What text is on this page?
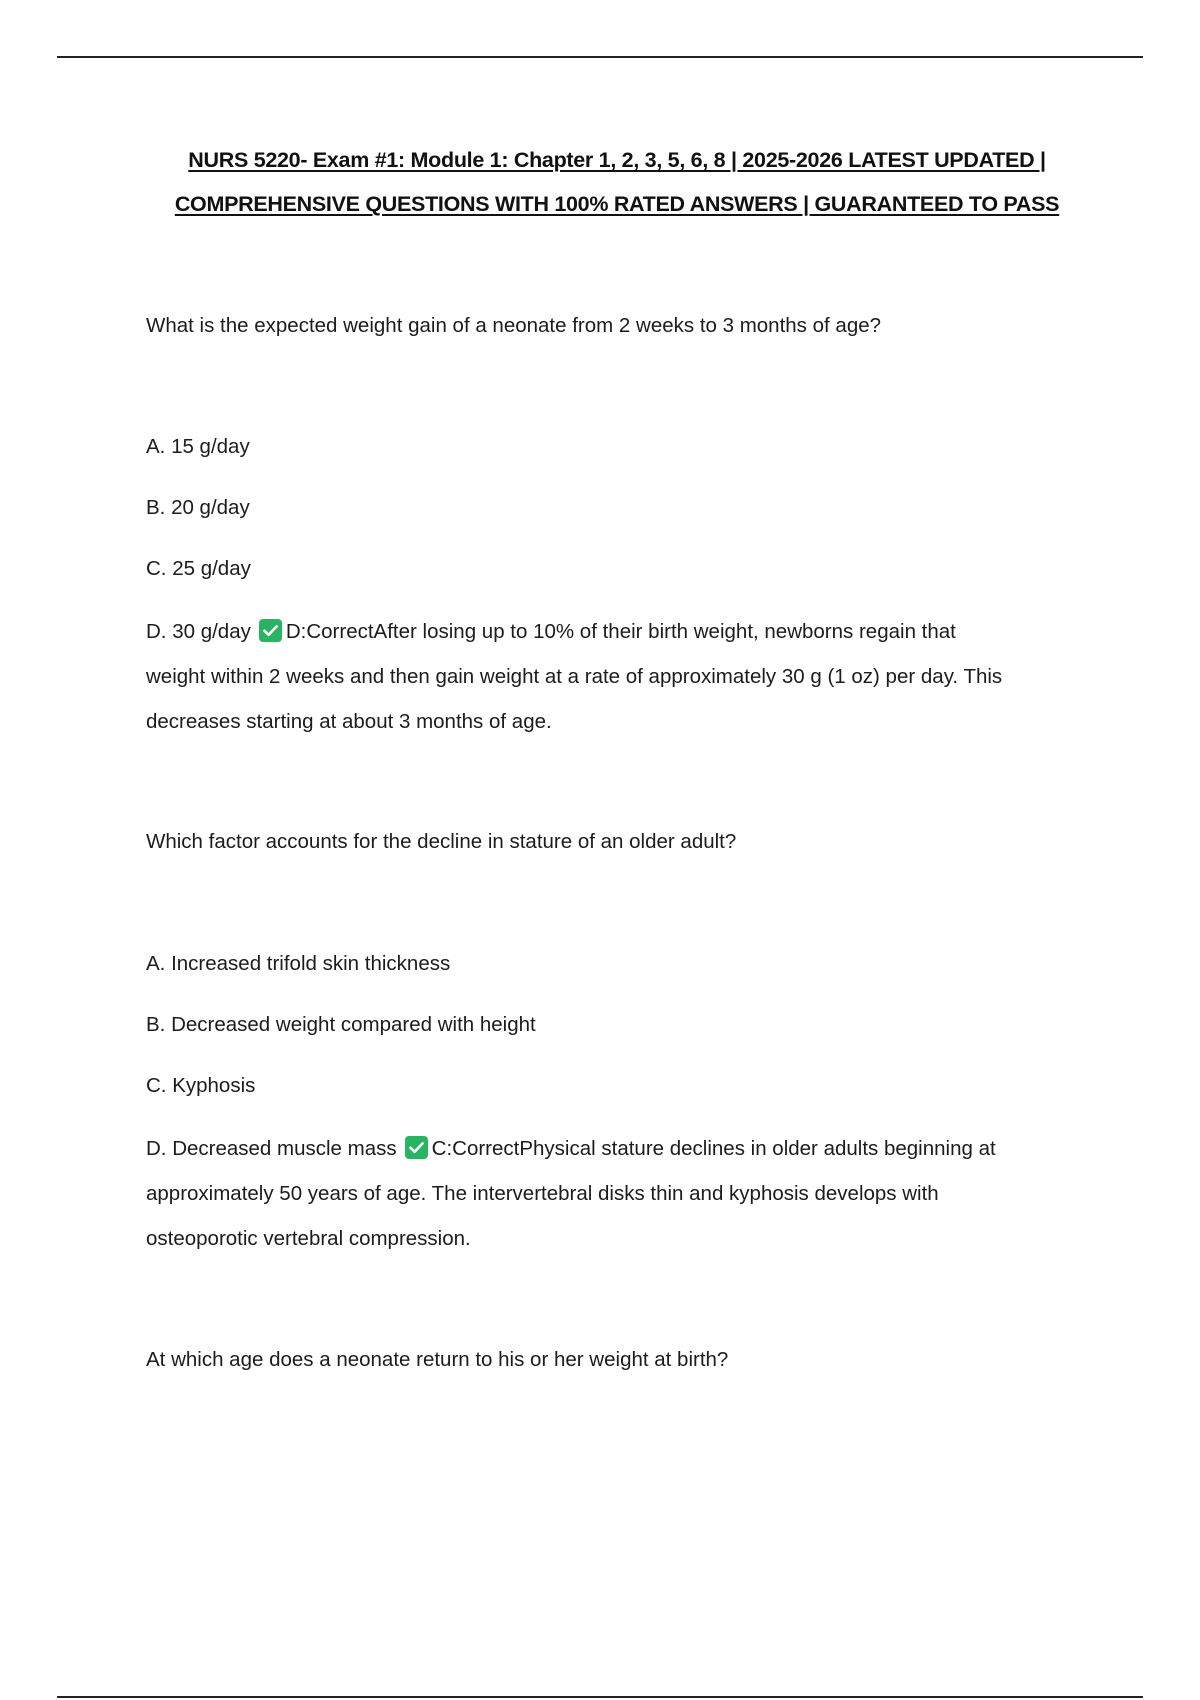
NURS 5220- Exam #1: Module 1: Chapter 1, 2, 3, 5, 6, 8 | 2025-2026 LATEST UPDATED |
COMPREHENSIVE QUESTIONS WITH 100% RATED ANSWERS | GUARANTEED TO PASS
What is the expected weight gain of a neonate from 2 weeks to 3 months of age?
A. 15 g/day
B. 20 g/day
C. 25 g/day
D. 30 g/day D:CorrectAfter losing up to 10% of their birth weight, newborns regain that
weight within 2 weeks and then gain weight at a rate of approximately 30 g (1 oz) per day. This
decreases starting at about 3 months of age.
Which factor accounts for the decline in stature of an older adult?
A. Increased trifold skin thickness
B. Decreased weight compared with height
C. Kyphosis
D. Decreased muscle mass C:CorrectPhysical stature declines in older adults beginning at
approximately 50 years of age. The intervertebral disks thin and kyphosis develops with
osteoporotic vertebral compression.
At which age does a neonate return to his or her weight at birth?
